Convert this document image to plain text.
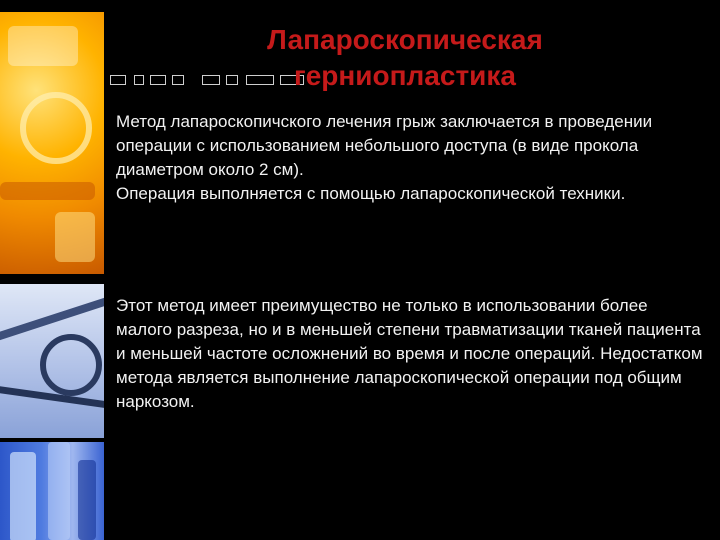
Лапароскопическая
герниопластика

Метод лапароскопичского лечения грыж заключается в проведении операции с использованием небольшого доступа (в виде прокола диаметром около 2 см).

Операция выполняется с помощью лапароскопической техники.

Этот метод имеет преимущество не только в использовании более малого разреза, но и в меньшей степени травматизации тканей пациента и меньшей частоте осложнений во время и после операций. Недостатком метода является выполнение лапароскопической операции под общим наркозом.
